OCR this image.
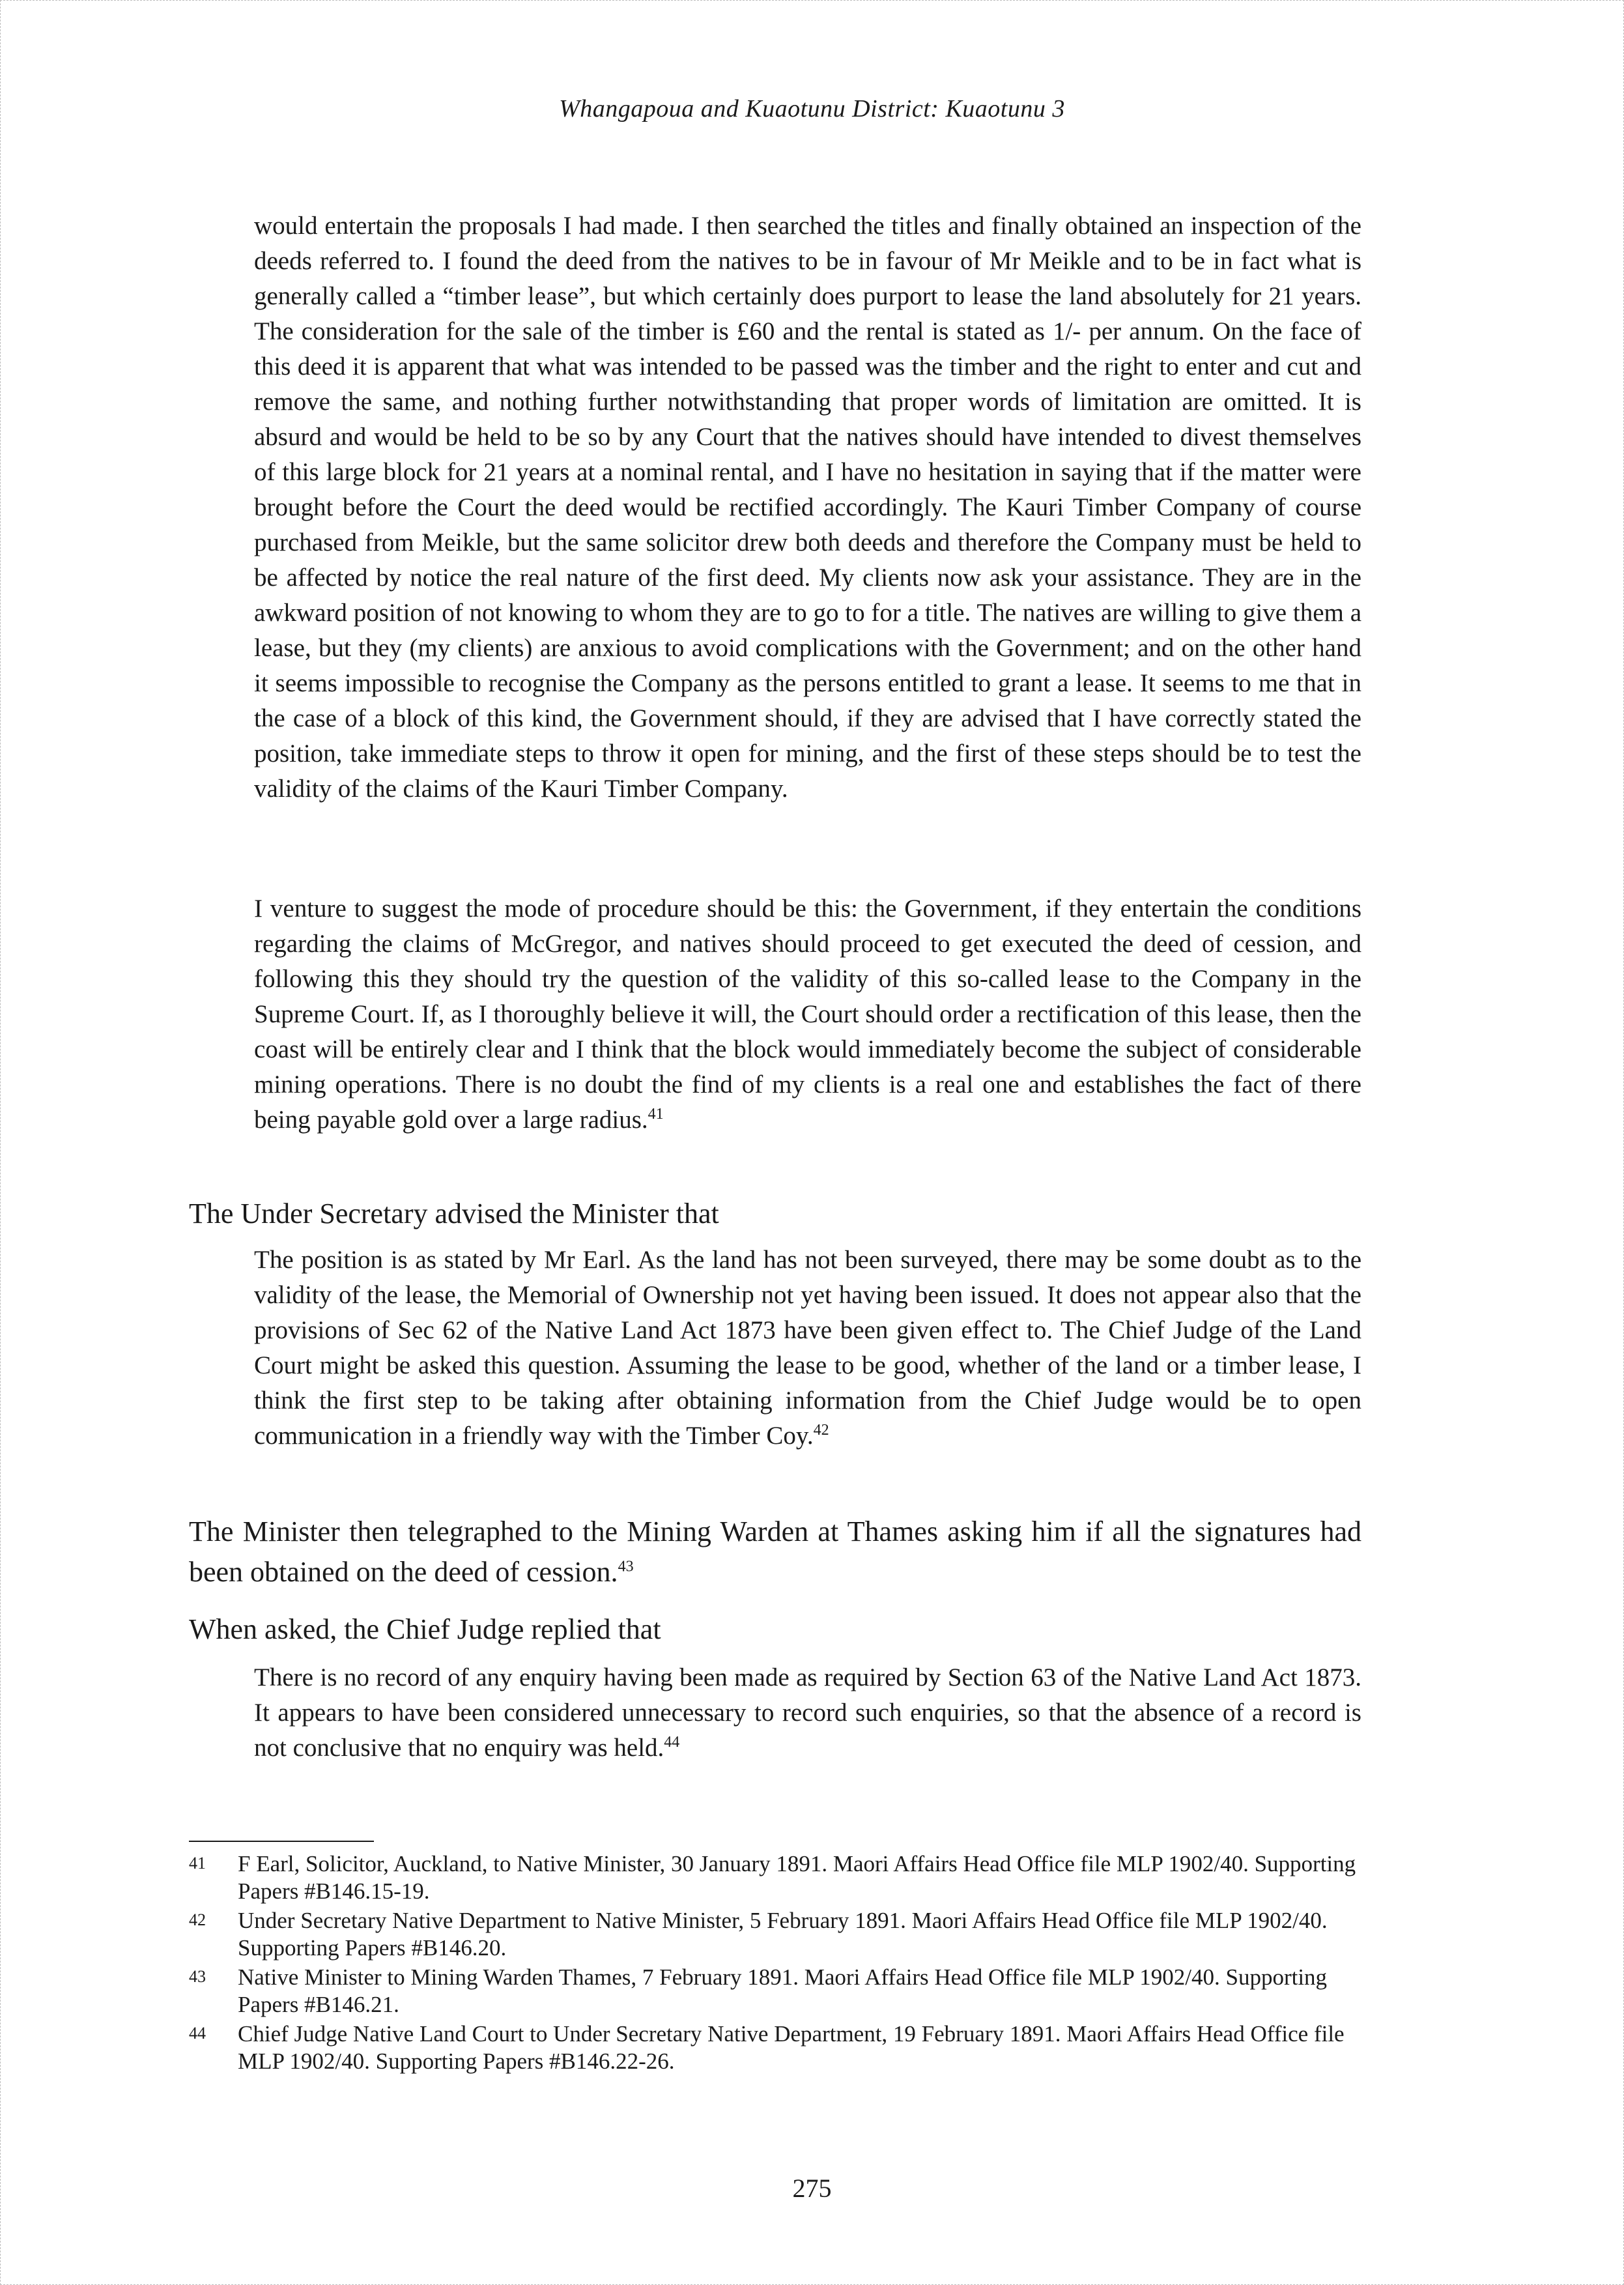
Whangapoua and Kuaotunu District: Kuaotunu 3

would entertain the proposals I had made. I then searched the titles and finally obtained an inspection of the deeds referred to. I found the deed from the natives to be in favour of Mr Meikle and to be in fact what is generally called a “timber lease”, but which certainly does purport to lease the land absolutely for 21 years. The consideration for the sale of the timber is £60 and the rental is stated as 1/- per annum. On the face of this deed it is apparent that what was intended to be passed was the timber and the right to enter and cut and remove the same, and nothing further notwithstanding that proper words of limitation are omitted. It is absurd and would be held to be so by any Court that the natives should have intended to divest themselves of this large block for 21 years at a nominal rental, and I have no hesitation in saying that if the matter were brought before the Court the deed would be rectified accordingly. The Kauri Timber Company of course purchased from Meikle, but the same solicitor drew both deeds and therefore the Company must be held to be affected by notice the real nature of the first deed. My clients now ask your assistance. They are in the awkward position of not knowing to whom they are to go to for a title. The natives are willing to give them a lease, but they (my clients) are anxious to avoid complications with the Government; and on the other hand it seems impossible to recognise the Company as the persons entitled to grant a lease. It seems to me that in the case of a block of this kind, the Government should, if they are advised that I have correctly stated the position, take immediate steps to throw it open for mining, and the first of these steps should be to test the validity of the claims of the Kauri Timber Company.

I venture to suggest the mode of procedure should be this: the Government, if they entertain the conditions regarding the claims of McGregor, and natives should proceed to get executed the deed of cession, and following this they should try the question of the validity of this so-called lease to the Company in the Supreme Court. If, as I thoroughly believe it will, the Court should order a rectification of this lease, then the coast will be entirely clear and I think that the block would immediately become the subject of considerable mining operations. There is no doubt the find of my clients is a real one and establishes the fact of there being payable gold over a large radius.$^{41}$

The Under Secretary advised the Minister that

The position is as stated by Mr Earl. As the land has not been surveyed, there may be some doubt as to the validity of the lease, the Memorial of Ownership not yet having been issued. It does not appear also that the provisions of Sec 62 of the Native Land Act 1873 have been given effect to. The Chief Judge of the Land Court might be asked this question. Assuming the lease to be good, whether of the land or a timber lease, I think the first step to be taking after obtaining information from the Chief Judge would be to open communication in a friendly way with the Timber Coy.$^{42}$

The Minister then telegraphed to the Mining Warden at Thames asking him if all the signatures had been obtained on the deed of cession.$^{43}$

When asked, the Chief Judge replied that

There is no record of any enquiry having been made as required by Section 63 of the Native Land Act 1873. It appears to have been considered unnecessary to record such enquiries, so that the absence of a record is not conclusive that no enquiry was held.$^{44}$

41	F Earl, Solicitor, Auckland, to Native Minister, 30 January 1891. Maori Affairs Head Office file MLP 1902/40. Supporting Papers #B146.15-19.
42	Under Secretary Native Department to Native Minister, 5 February 1891. Maori Affairs Head Office file MLP 1902/40. Supporting Papers #B146.20.
43	Native Minister to Mining Warden Thames, 7 February 1891. Maori Affairs Head Office file MLP 1902/40. Supporting Papers #B146.21.
44	Chief Judge Native Land Court to Under Secretary Native Department, 19 February 1891. Maori Affairs Head Office file MLP 1902/40. Supporting Papers #B146.22-26.
275
